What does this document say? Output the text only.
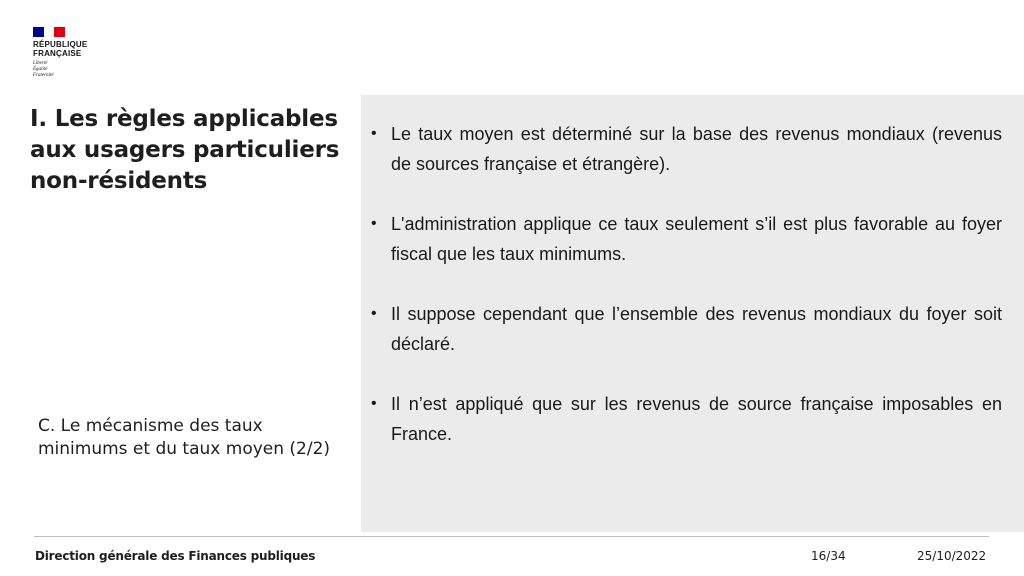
RÉPUBLIQUE
FRANÇAISE
Liberté
Égalité
Fraternité
I. Les règles applicables aux usagers particuliers non-résidents
C. Le mécanisme des taux minimums et du taux moyen (2/2)
• Le taux moyen est déterminé sur la base des revenus mondiaux (revenus de sources française et étrangère).
• L'administration applique ce taux seulement s’il est plus favorable au foyer fiscal que les taux minimums.
• Il suppose cependant que l’ensemble des revenus mondiaux du foyer soit déclaré.
• Il n’est appliqué que sur les revenus de source française imposables en France.
Direction générale des Finances publiques	16/34	25/10/2022
